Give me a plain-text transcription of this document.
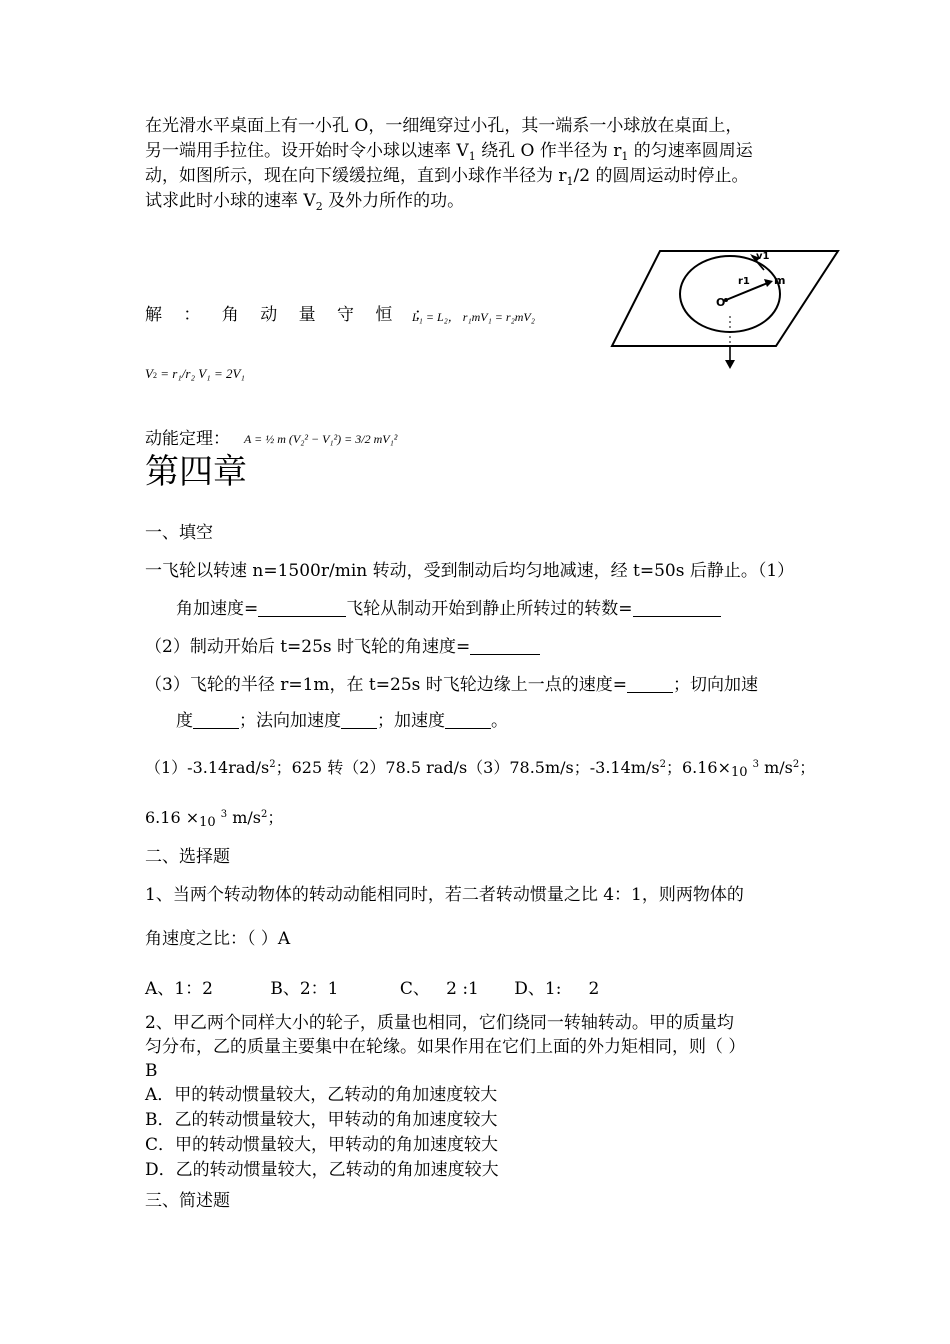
在光滑水平桌面上有一小孔 O，一细绳穿过小孔，其一端系一小球放在桌面上，
另一端用手拉住。设开始时令小球以速率 $V_1$ 绕孔 O 作半径为 $r_1$ 的匀速率圆周运
动，如图所示，现在向下缓缓拉绳，直到小球作半径为 $r_1/2$ 的圆周运动时停止。
试求此时小球的速率 $V_2$ 及外力所作的功。
v1
r1 m
O
解 ： 角 动 量 守 恒 ：
L₁ = L₂， r₁mV₁ = r₂mV₂
V2 = r₁/r₂ V₁ = 2V₁
动能定理： A = ½ m (V₂² − V₁²) = 3/2 mV₁²
第四章
一、填空
一飞轮以转速 n=1500r/min 转动，受到制动后均匀地减速，经 t=50s 后静止。（1）
角加速度=	飞轮从制动开始到静止所转过的转数=
（2）制动开始后 t=25s 时飞轮的角速度=
（3）飞轮的半径 r=1m，在 t=25s 时飞轮边缘上一点的速度=	；切向加速
度	；法向加速度 ；加速度	。
$(1)-3.14rad/s^2$；625 转（2）78.5 rad/s（3）78.5m/s；$-3.14m/s^2$；6.16×10 $^3$ $m/s^2$；
6.16 ×10 $^3$ $m/s^2$；
二、选择题
1、当两个转动物体的转动动能相同时，若二者转动惯量之比 4：1，则两物体的
角速度之比：（ ）A
A、1：2	B、2：1	C、 2 :1 D、1: 2
2、甲乙两个同样大小的轮子，质量也相同，它们绕同一转轴转动。甲的质量均
匀分布，乙的质量主要集中在轮缘。如果作用在它们上面的外力矩相同，则（ ）
B
A．甲的转动惯量较大，乙转动的角加速度较大
B．乙的转动惯量较大，甲转动的角加速度较大
C．甲的转动惯量较大，甲转动的角加速度较大
D．乙的转动惯量较大，乙转动的角加速度较大
三、简述题
